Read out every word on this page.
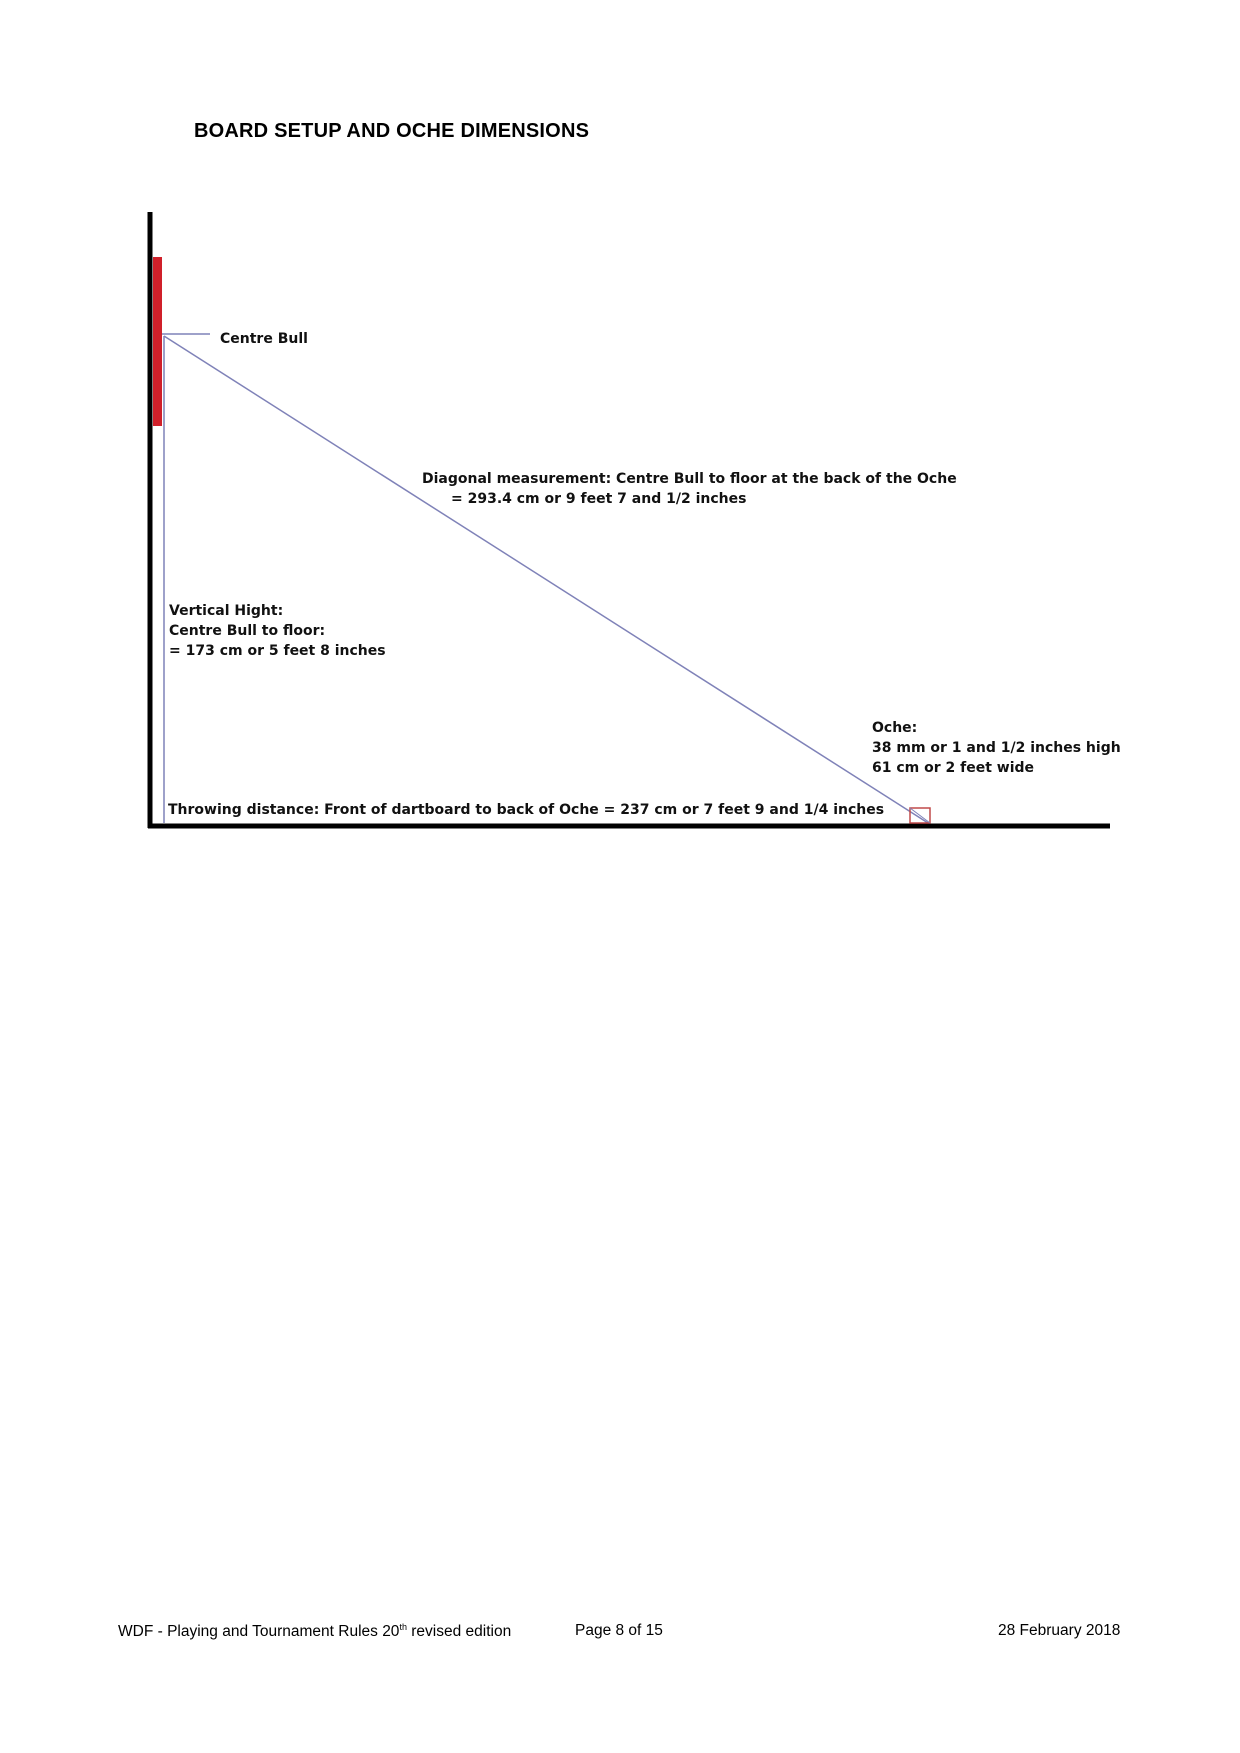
BOARD SETUP AND OCHE DIMENSIONS
Centre Bull
Diagonal measurement: Centre Bull to floor at the back of the Oche
= 293.4 cm or 9 feet 7 and 1/2 inches
Vertical Hight:
Centre Bull to floor:
= 173 cm or 5 feet 8 inches
Oche:
38 mm or 1 and 1/2 inches high
61 cm or 2 feet wide
Throwing distance: Front of dartboard to back of Oche = 237 cm or 7 feet 9 and 1/4 inches
WDF - Playing and Tournament Rules 20th revised edition	Page 8 of 15	28 February 2018
